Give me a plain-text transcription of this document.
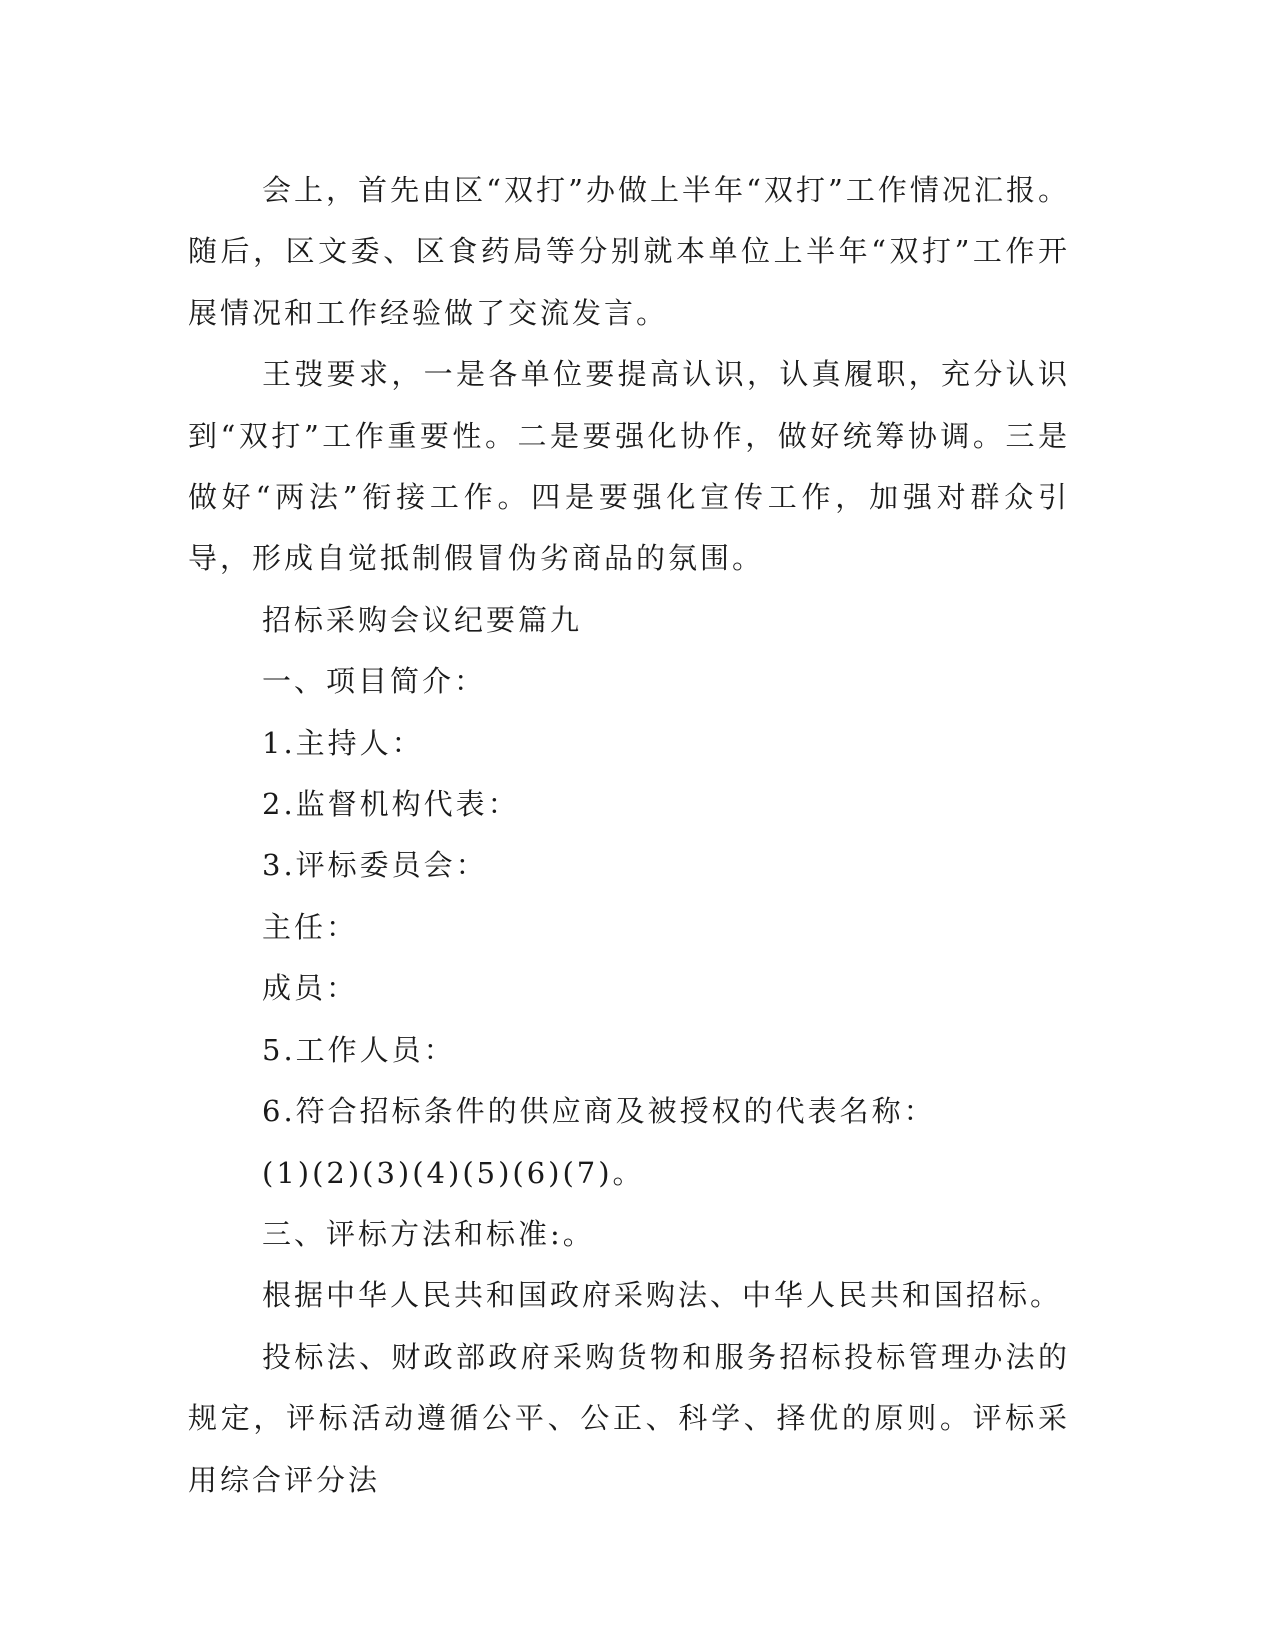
会上，首先由区“双打”办做上半年“双打”工作情况汇报。随后，区文委、区食药局等分别就本单位上半年“双打”工作开展情况和工作经验做了交流发言。

王弢要求，一是各单位要提高认识，认真履职，充分认识到“双打”工作重要性。二是要强化协作，做好统筹协调。三是做好“两法”衔接工作。四是要强化宣传工作，加强对群众引导，形成自觉抵制假冒伪劣商品的氛围。

招标采购会议纪要篇九

一、项目简介：

1.主持人：

2.监督机构代表：

3.评标委员会：

主任：

成员：

5.工作人员：

6.符合招标条件的供应商及被授权的代表名称：

(1)(2)(3)(4)(5)(6)(7)。

三、评标方法和标准:。

根据中华人民共和国政府采购法、中华人民共和国招标。

投标法、财政部政府采购货物和服务招标投标管理办法的规定，评标活动遵循公平、公正、科学、择优的原则。评标采用综合评分法
